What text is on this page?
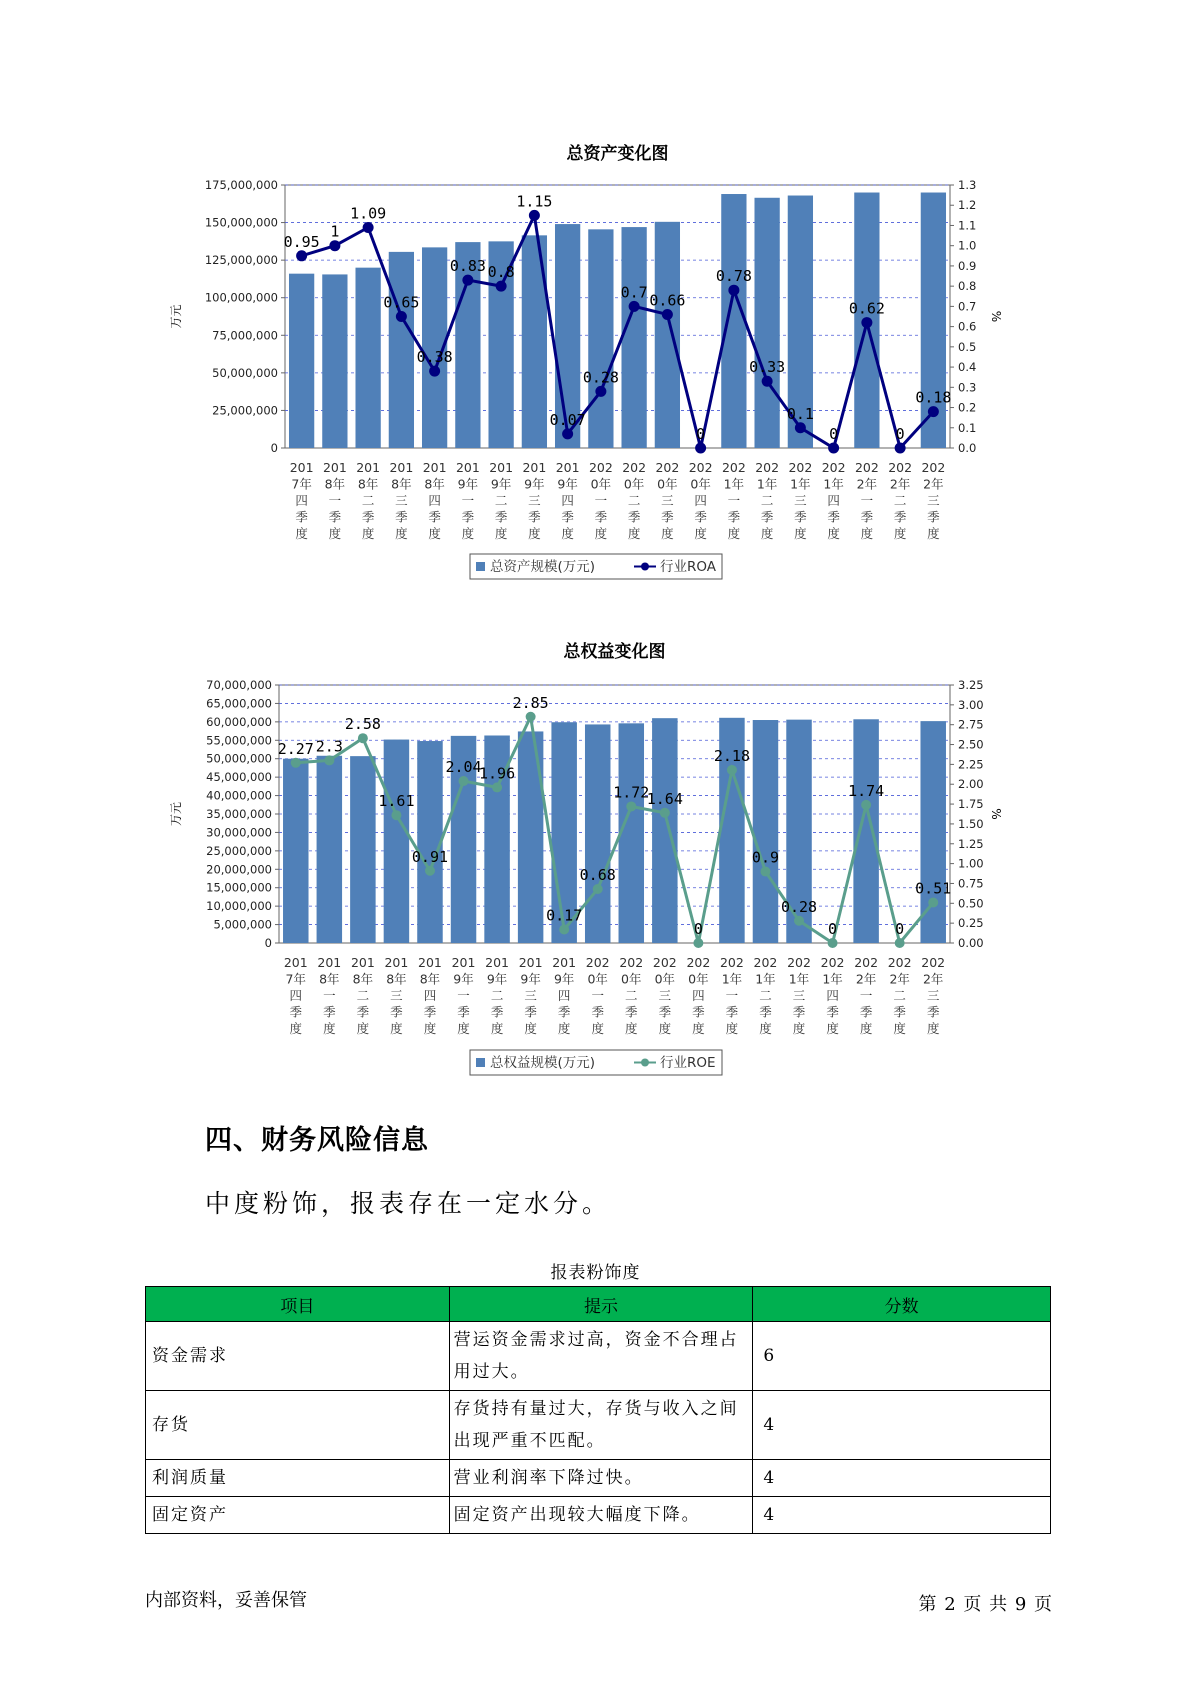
总资产变化图
0
25,000,000
50,000,000
75,000,000
100,000,000
125,000,000
150,000,000
175,000,000
0.0
0.1
0.2
0.3
0.4
0.5
0.6
0.7
0.8
0.9
1.0
1.1
1.2
1.3
万元	%
0.95
1
1.09
0.65
0.38
0.83 0.8
1.15
0.07
0.28
0.7 0.66
0
0.78
0.33
0.1
0
0.62
0
0.18
201
7年
四
季
度
201
8年
一
季
度
201
8年
二
季
度
201
8年
三
季
度
201
8年
四
季
度
201
9年
一
季
度
201
9年
二
季
度
201
9年
三
季
度
201
9年
四
季
度
202
0年
一
季
度
202
0年
二
季
度
202
0年
三
季
度
202
0年
四
季
度
202
1年
一
季
度
202
1年
二
季
度
202
1年
三
季
度
202
1年
四
季
度
202
2年
一
季
度
202
2年
二
季
度
202
2年
三
季
度
总资产规模(万元)	行业ROA
总权益变化图
0
5,000,000
10,000,000
15,000,000
20,000,000
25,000,000
30,000,000
35,000,000
40,000,000
45,000,000
50,000,000
55,000,000
60,000,000
65,000,000
70,000,000
0.00
0.25
0.50
0.75
1.00
1.25
1.50
1.75
2.00
2.25
2.50
2.75
3.00
3.25
万元	%
2.27 2.3
2.58
1.61
0.91
2.04
1.96
2.85
0.17
0.68
1.72
1.64
0
2.18
0.9
0.28
0
1.74
0
0.51
201
7年
四
季
度
201
8年
一
季
度
201
8年
二
季
度
201
8年
三
季
度
201
8年
四
季
度
201
9年
一
季
度
201
9年
二
季
度
201
9年
三
季
度
201
9年
四
季
度
202
0年
一
季
度
202
0年
二
季
度
202
0年
三
季
度
202
0年
四
季
度
202
1年
一
季
度
202
1年
二
季
度
202
1年
三
季
度
202
1年
四
季
度
202
2年
一
季
度
202
2年
二
季
度
202
2年
三
季
度
总权益规模(万元)	行业ROE
四、财务风险信息
中度粉饰，报表存在一定水分。
报表粉饰度
项目	提示	分数
资金需求	营运资金需求过高，资金不合理占用过大。	6
存货	存货持有量过大，存货与收入之间出现严重不匹配。	4
利润质量	营业利润率下降过快。	4
固定资产	固定资产出现较大幅度下降。	4
内部资料，妥善保管	第 2 页 共 9 页
